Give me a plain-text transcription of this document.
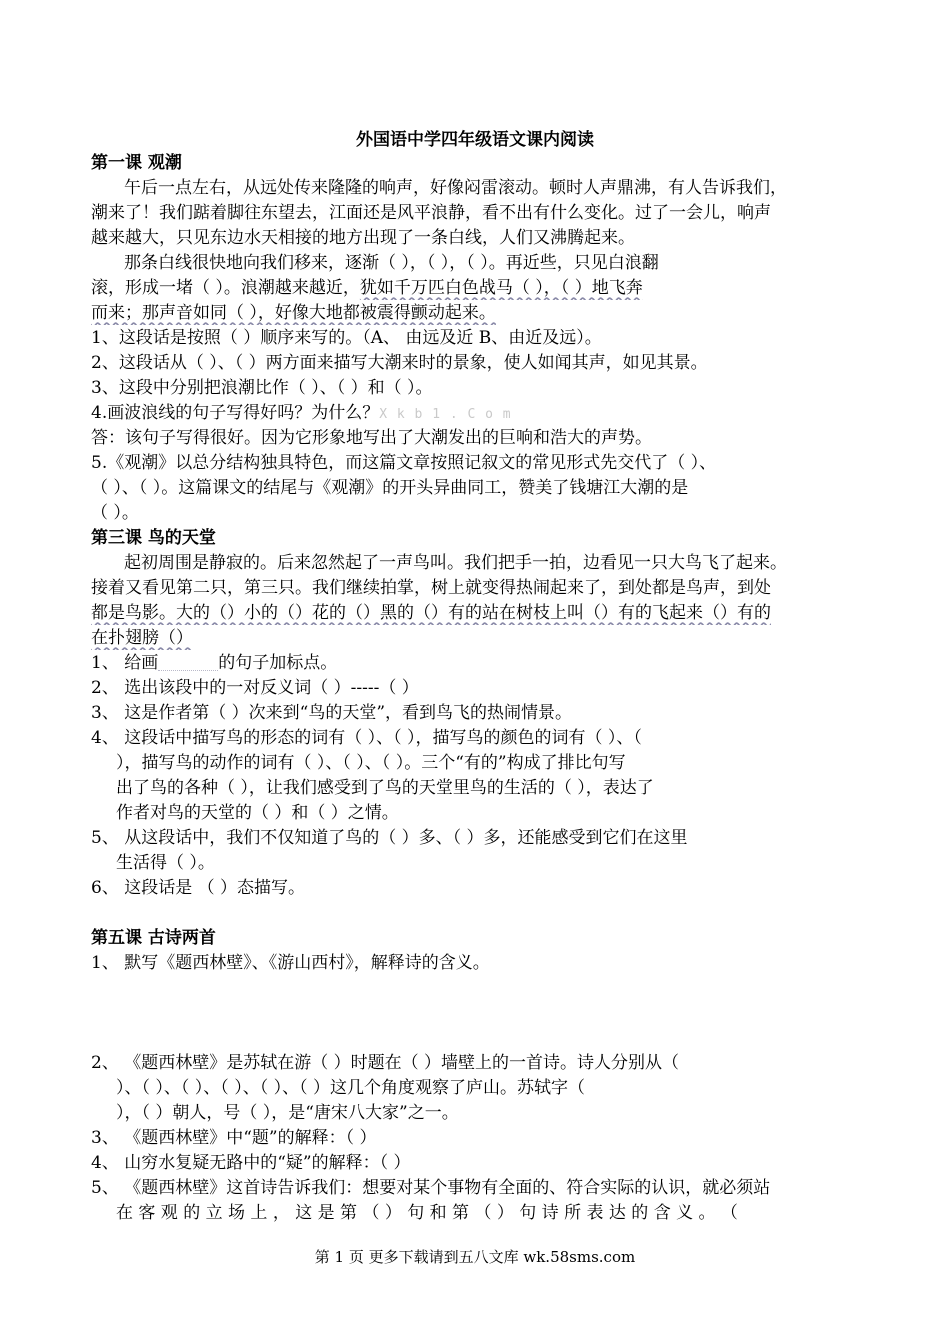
外国语中学四年级语文课内阅读
第一课 观潮
午后一点左右，从远处传来隆隆的响声，好像闷雷滚动。顿时人声鼎沸，有人告诉我们，
潮来了！我们踮着脚往东望去，江面还是风平浪静，看不出有什么变化。过了一会儿，响声
越来越大，只见东边水天相接的地方出现了一条白线，人们又沸腾起来。
那条白线很快地向我们移来，逐渐（ ），（ ），（ ）。再近些，只见白浪翻
滚，形成一堵（ ）。浪潮越来越近，犹如千万匹白色战马（ ），（ ）地飞奔
而来；那声音如同（ ），好像大地都被震得颤动起来。
1、这段话是按照（ ）顺序来写的。（A、 由远及近 B、由近及远）。
2、这段话从（ ）、（ ）两方面来描写大潮来时的景象，使人如闻其声，如见其景。
3、这段中分别把浪潮比作（ ）、（ ）和（ ）。
4.画波浪线的句子写得好吗？为什么？X k b 1 . C o m
答：该句子写得很好。因为它形象地写出了大潮发出的巨响和浩大的声势。
5.《观潮》以总分结构独具特色，而这篇文章按照记叙文的常见形式先交代了（ ）、
（ ）、（ ）。这篇课文的结尾与《观潮》的开头异曲同工，赞美了钱塘江大潮的是
（ ）。
第三课 鸟的天堂
起初周围是静寂的。后来忽然起了一声鸟叫。我们把手一拍，边看见一只大鸟飞了起来。
接着又看见第二只，第三只。我们继续拍掌，树上就变得热闹起来了，到处都是鸟声，到处
都是鸟影。大的（）小的（）花的（）黑的（）有的站在树枝上叫（）有的飞起来（）有的
在扑翅膀（）
1、 给画	的句子加标点。
2、 选出该段中的一对反义词（ ）-----（ ）
3、 这是作者第（ ）次来到“鸟的天堂”，看到鸟飞的热闹情景。
4、 这段话中描写鸟的形态的词有（ ）、（ ），描写鸟的颜色的词有（ ）、（
），描写鸟的动作的词有（ ）、（ ）、（ ）。三个“有的”构成了排比句写
出了鸟的各种（ ），让我们感受到了鸟的天堂里鸟的生活的（ ），表达了
作者对鸟的天堂的（ ）和（ ）之情。
5、 从这段话中，我们不仅知道了鸟的（ ）多、（ ）多，还能感受到它们在这里
生活得（ ）。
6、 这段话是 （ ）态描写。
第五课 古诗两首
1、 默写《题西林壁》、《游山西村》，解释诗的含义。
2、 《题西林壁》是苏轼在游（ ）时题在（ ）墙壁上的一首诗。诗人分别从（
）、（ ）、（ ）、（ ）、（ ）、（ ）这几个角度观察了庐山。苏轼字（
），（ ）朝人，号（ ），是“唐宋八大家”之一。
3、 《题西林壁》中“题”的解释：（ ）
4、 山穷水复疑无路中的“疑”的解释：（ ）
5、 《题西林壁》这首诗告诉我们：想要对某个事物有全面的、符合实际的认识，就必须站
在 客 观 的 立 场 上 ， 这 是 第 （ ） 句 和 第 （ ） 句 诗 所 表 达 的 含 义 。 （
第 1 页 更多下载请到五八文库 wk.58sms.com
